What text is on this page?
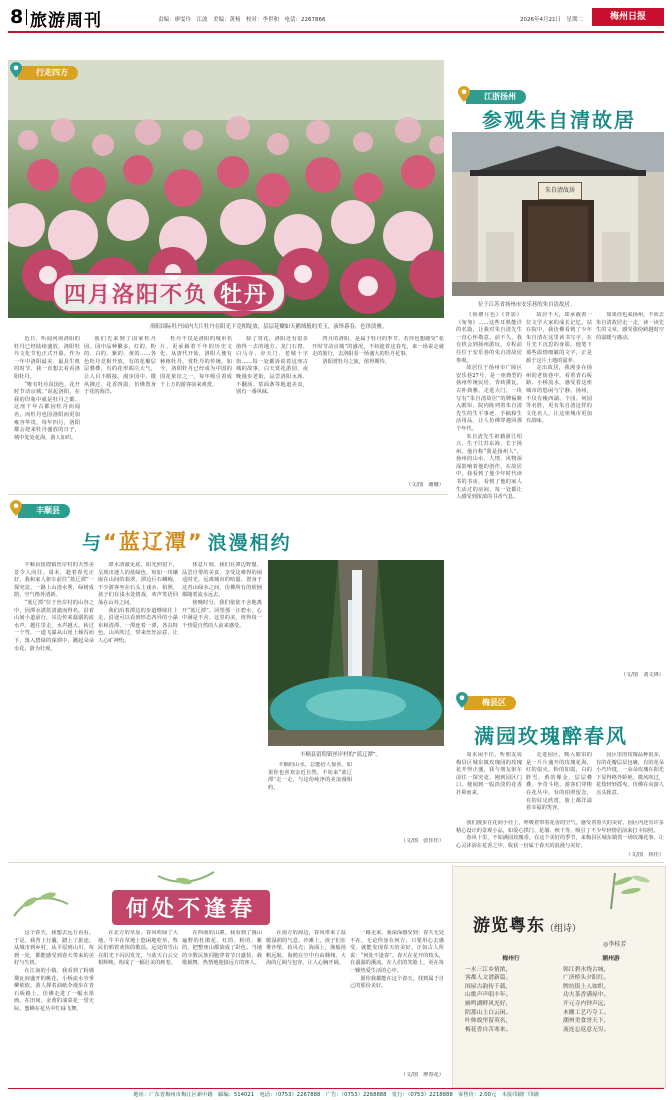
8 旅游周刊	责编：廖雯玲　江波　美编：黄杨　校对：李世和　电话：2267866	2026年4月21日　星期二	梅州日报
行走四方
四月洛阳不负 牡丹
洛阳国际牡丹园内大片牡丹在阳光下竞相绽放，层层花瓣如天鹅绒般的美玉，演绎暮春，色泽淡雅。

近日，听闻河南洛阳的牡丹已经陆续盛放，洛阳牡丹文化节也正式开幕。作为一年中洛阳最美、最具生机的时节，我一直想去看看洛阳牡丹。

“唯有牡丹真国色，花开时节动京城。”说起洛阳，在我的印象中就是牡丹之都。这座千年古都因牡丹而闻名，而牡丹也因洛阳而更加雍容华贵。每年四月，洛阳都会迎来牡丹盛放的日子，城中处处花海，游人如织。

我们先来到了国家牡丹园。园中品种繁多，红的、粉的、白的、紫的、黄的……各色牡丹竞相开放，有的花瓣层层叠叠，有的花形端庄大气，让人目不暇接。漫步园中，微风拂过，花香四溢，仿佛置身于花的海洋。

牡丹不仅是洛阳的城市名片，更承载着千年的历史文化。从唐代开始，洛阳人便有种植牡丹、赏牡丹的传统。如今，洛阳牡丹已经成为中国的国花象征之一，每年吸引着成千上万的游客前来观赏。

除了赏花，洛阳还有很多值得一去的地方。龙门石窟、白马寺、应天门、老城十字街……每一处都诉说着这座古城的故事。白天赏花游园，夜晚漫步老街，品尝洛阳水席、不翻汤、浆面条等地道美食，别有一番风味。

四月的洛阳，是属于牡丹的季节。若你也想感受“花开时节动京城”的盛况，不妨趁着这春光，来一场说走就走的旅行，去洛阳看一场盛大的牡丹花事。

洛阳赏牡丹之旅，值得期待。

（文/图　谢姗）
江浙扬州
参观朱自清故居
朱自清故居
位于江苏省扬州市安乐巷的朱自清故居。

《荷塘月色》《背影》《匆匆》……这些耳熟能详的名篇，让我对朱自清先生一直心怀敬意。前不久，我有机会到扬州游玩，专程前往位于安乐巷的朱自清故居参观。

故居位于扬州市广陵区安乐巷27号，是一座典型的扬州传统民居，青砖黛瓦，古朴典雅。走进大门，一块写有“朱自清故居”的牌匾映入眼帘。院内陈列着朱自清先生的生平事迹、手稿和生活用品，让人仿佛穿越回那个年代。

朱自清先生祖籍浙江绍兴，生于江苏东海，长于扬州。他自称“我是扬州人”。扬州的山水、人情、风物深深影响着他的创作。在故居中，我看到了他少年时代读书的书房，看到了他的家人生活过的房间，每一处都让人感受到浓浓的书香气息。

故居不大，却承载着一位文学大家的成长记忆。站在院中，我仿佛看到了少年朱自清在这里读书写字，在月光下沉思的身影。他笔下那些温情细腻的文字，正是源于这片土地的滋养。

走出故居，我漫步在扬州的老街巷中，看着青石板路、小桥流水，感受着这座城市的悠闲与宁静。扬州，不仅有瘦西湖、个园、何园等名胜，更有朱自清这样的文化名人，让这座城市更加有韵味。

如果你也来扬州，不妨去朱自清故居走一走，读一读先生的文章，感受那份跨越时空的温暖与感动。

（文/图　刘文锋）
丰顺县
与“蓝辽潭” 浪漫相约

丰顺县留隍镇丝岸村的天然美景令人向往。周末，趁着春光正好，我和家人驱车前往“蓝辽潭”一探究竟。一路上山清水秀，绿树成荫，空气格外清新。

“蓝辽潭”位于丝岸村的山谷之中，因潭水湛蓝清澈而得名。沿着山间小道前行，耳边传来潺潺的流水声，越往里走，水声越大。转过一个弯，一道飞瀑从山崖上倾泻而下，落入碧绿的深潭中，溅起朵朵水花，蔚为壮观。

潭水清澈见底，阳光照射下，呈现出迷人的蓝绿色，宛如一块镶嵌在山间的翡翠。潭边巨石嶙峋，不少游客坐在石头上戏水、拍照，孩子们在浅水处嬉戏，欢声笑语回荡在山谷之间。

我们沿着潭边的步道继续往上走，沿途可以看到形态各异的小瀑布和清潭，一潭连着一潭，各具特色。山风吹过，带来丝丝凉意，让人心旷神怡。

休息片刻，我们在潭边野餐，品尝自带的美食，享受这难得的闲适时光。远离城市的喧嚣，置身于这青山绿水之间，仿佛所有的烦恼都随着流水远去。

傍晚时分，我们依依不舍地离开“蓝辽潭”。回望那一汪碧水，心中满是不舍。这里的美，值得每一个热爱自然的人前来感受。

丰顺县留隍镇丝岸村的“蓝辽潭”。

丰顺的山水，总能给人惊喜。如果你也喜欢亲近自然，不妨来“蓝辽潭”走一走，与这份纯净的美浪漫相约。

（文/图　张佳佳）
梅县区
满园玫瑰醉春风

周末闲不住，听朋友说梅县区城东镇玫瑰园的玫瑰花开得正盛，我与朋友驱车前往一探究竟。刚到园区门口，便闻到一股淡淡的花香扑鼻而来。

走进园区，映入眼帘的是一片片盛开的玫瑰花海，红的似火，粉的如霞，白的胜雪，黄的像金，层层叠叠，争奇斗艳。游客们穿梭在花丛中，有的拍照留念，有的驻足欣赏，脸上都洋溢着幸福的笑容。

园区里的玫瑰品种很多，有的花瓣层层包裹，有的花朵小巧玲珑，一朵朵玫瑰在阳光下显得格外娇艳。微风吹过，花枝轻轻摇曳，仿佛在向游人点头致意。

我们漫步在花间小径上，呼吸着带着花香的空气，感受着春天的美好。园区内还有许多精心设计的景观小品，如爱心拱门、花墙、秋千等，吸引了不少年轻情侣前来打卡拍照。

春风十里，不如满园玫瑰香。在这个美好的季节，来梅县区城东镇赏一场玫瑰花事，让心灵沐浴在花香之中，收获一份属于春天的浪漫与美好。

（文/图　林佳）
何处不逢春

这个春天，我想去远方看看。于是，我背上行囊，踏上了旅途。从城市到乡村，从平原到山川，每到一处，都能感受到春天带来的美好与生机。

在江南的小镇，我看到了粉墙黛瓦间盛开的桃花，小桥流水旁垂柳依依。游人撑着油纸伞漫步在青石板路上，仿佛走进了一幅水墨画。在田间，金黄的油菜花一望无际，蜜蜂在花丛中忙碌飞舞。

在北方的草原，春风吹绿了大地，牛羊在草地上悠闲地吃草，牧民们唱着欢快的歌谣。远处的雪山在阳光下闪闪发光，与蓝天白云交相辉映，构成了一幅壮美的画卷。

在西南的山寨，我看到了漫山遍野的杜鹃花。红的、粉的、紫的，把整座山都染成了彩色。当地的少数民族同胞穿着节日盛装，载歌载舞，热情地迎接远方的客人。

在南方的海边，春风带来了温暖湿润的气息。沙滩上，孩子们在堆沙堡、捡贝壳；海面上，渔船扬帆远航，海鸥在空中自由翱翔。大海的辽阔与包容，让人心胸开阔。

一路走来，我深深感受到：春天无处不在。无论你身在何方，只要用心去感受，就能发现春天的美好。正如古人所说：“何处不逢春”。春天在花开的枝头，在潺潺的溪流，在人们的笑脸上，更在每一颗热爱生活的心中。

愿你我都能在这个春天，找到属于自己的那份美好。

（文/图　廖春花）
游览粤东（组诗）
◎李桂芳
梅州行
一水三江乡情浓，
客都人文谱新篇。
围屋古韵传千载，
山歌声声唱丰年。
雁鸣湖畔风光好，
阴那山上白云闲。
叶帅故里留英名，
梅花香自苦寒来。
潮州游
韩江碧水绕古城，
广济桥头夕阳红。
牌坊街上人如织，
功夫茶香满屋中。
开元寺内钟声远，
木雕工艺巧夺工。
潮州美食誉天下，
流连忘返意无穷。
地址：广东省梅州市梅江区新中路　邮编：514021　电话：（0753）2267888　广告：（0753）2268888　发行：（0753）2218888　零售价：2.00元　本报印刷厂印刷
